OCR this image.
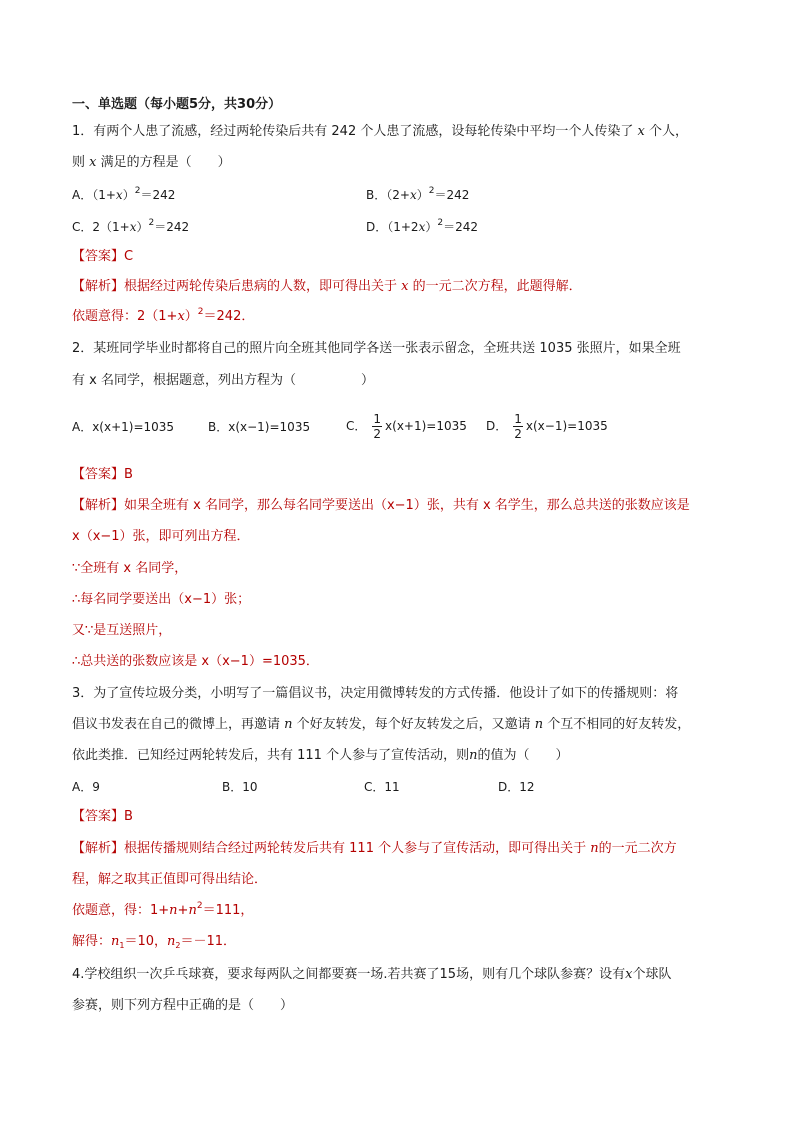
一、单选题（每小题5分，共30分）
1．有两个人患了流感，经过两轮传染后共有 242 个人患了流感，设每轮传染中平均一个人传染了 x 个人，
则 x 满足的方程是（　　）
A．$(1+x)^2=242$	B．$(2+x)^2=242$
C．$2(1+x)^2=242$	D．$(1+2x)^2=242$
【答案】C
【解析】根据经过两轮传染后患病的人数，即可得出关于 x 的一元二次方程，此题得解．
依题意得：$2(1+x)^2=242$．
2．某班同学毕业时都将自己的照片向全班其他同学各送一张表示留念，全班共送 1035 张照片，如果全班
有 x 名同学，根据题意，列出方程为（　　　　　）
A．x(x+1)=1035	B．x(x−1)=1035	C． $\frac{1}{2} x(x+1)=1035$ D． $\frac{1}{2} x(x-1)=1035$
【答案】B
【解析】如果全班有 x 名同学，那么每名同学要送出（x−1）张，共有 x 名学生，那么总共送的张数应该是
x（x−1）张，即可列出方程．
∵全班有 x 名同学，
∴每名同学要送出（x−1）张；
又∵是互送照片，
∴总共送的张数应该是 x（x−1）=1035．
3．为了宣传垃圾分类，小明写了一篇倡议书，决定用微博转发的方式传播．他设计了如下的传播规则：将
倡议书发表在自己的微博上，再邀请 n 个好友转发，每个好友转发之后，又邀请 n 个互不相同的好友转发，
依此类推．已知经过两轮转发后，共有 111 个人参与了宣传活动，则n的值为（　　）
A．9	B．10	C．11	D．12
【答案】B
【解析】根据传播规则结合经过两轮转发后共有 111 个人参与了宣传活动，即可得出关于 n的一元二次方
程，解之取其正值即可得出结论．
依题意，得：$1+n+n^2=111$，
解得：$n_1=10$，$n_2=-11$．
4.学校组织一次乒乓球赛，要求每两队之间都要赛一场.若共赛了15场，则有几个球队参赛？设有x个球队
参赛，则下列方程中正确的是（　　）
